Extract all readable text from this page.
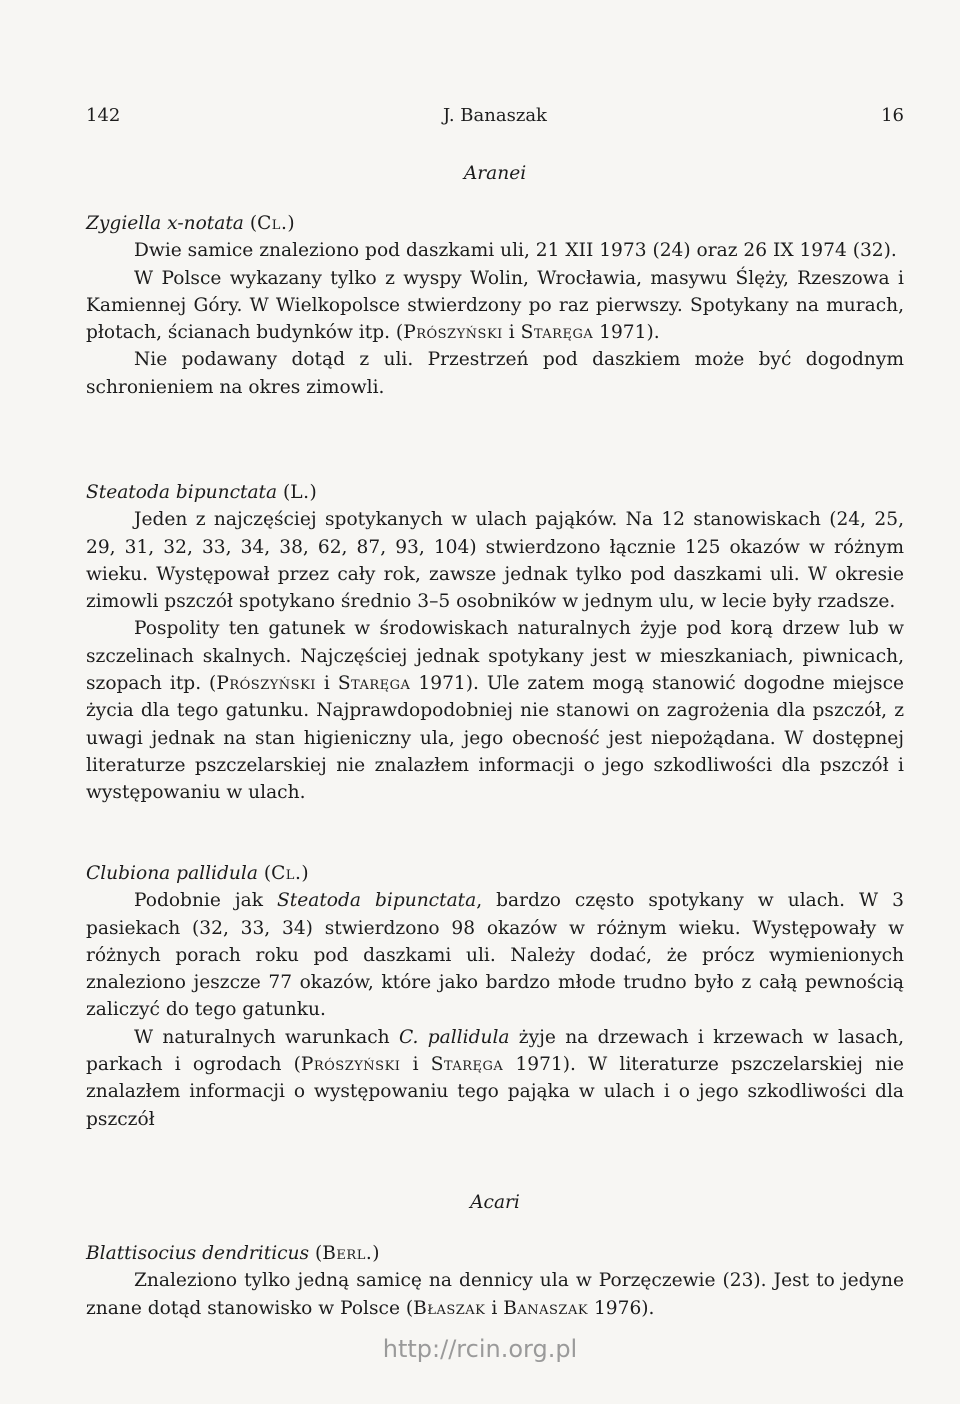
142	J. Banaszak	16
Aranei

Zygiella x-notata (Cl.)

Dwie samice znaleziono pod daszkami uli, 21 XII 1973 (24) oraz 26 IX 1974 (32).

W Polsce wykazany tylko z wyspy Wolin, Wrocławia, masywu Ślęży, Rzeszowa i Kamiennej Góry. W Wielkopolsce stwierdzony po raz pierwszy. Spotykany na murach, płotach, ścianach budynków itp. (Prószyński i Staręga 1971).

Nie podawany dotąd z uli. Przestrzeń pod daszkiem może być dogodnym schronieniem na okres zimowli.

Steatoda bipunctata (L.)

Jeden z najczęściej spotykanych w ulach pająków. Na 12 stanowiskach (24, 25, 29, 31, 32, 33, 34, 38, 62, 87, 93, 104) stwierdzono łącznie 125 okazów w różnym wieku. Występował przez cały rok, zawsze jednak tylko pod daszkami uli. W okresie zimowli pszczół spotykano średnio 3–5 osobników w jednym ulu, w lecie były rzadsze.

Pospolity ten gatunek w środowiskach naturalnych żyje pod korą drzew lub w szczelinach skalnych. Najczęściej jednak spotykany jest w mieszkaniach, piwnicach, szopach itp. (Prószyński i Staręga 1971). Ule zatem mogą stanowić dogodne miejsce życia dla tego gatunku. Najprawdopodobniej nie stanowi on zagrożenia dla pszczół, z uwagi jednak na stan higieniczny ula, jego obecność jest niepożądana. W dostępnej literaturze pszczelarskiej nie znalazłem informacji o jego szkodliwości dla pszczół i występowaniu w ulach.

Clubiona pallidula (Cl.)

Podobnie jak Steatoda bipunctata, bardzo często spotykany w ulach. W 3 pasiekach (32, 33, 34) stwierdzono 98 okazów w różnym wieku. Występowały w różnych porach roku pod daszkami uli. Należy dodać, że prócz wymienionych znaleziono jeszcze 77 okazów, które jako bardzo młode trudno było z całą pewnością zaliczyć do tego gatunku.

W naturalnych warunkach C. pallidula żyje na drzewach i krzewach w lasach, parkach i ogrodach (Prószyński i Staręga 1971). W literaturze pszczelarskiej nie znalazłem informacji o występowaniu tego pająka w ulach i o jego szkodliwości dla pszczół

Acari

Blattisocius dendriticus (Berl.)

Znaleziono tylko jedną samicę na dennicy ula w Porzęczewie (23). Jest to jedyne znane dotąd stanowisko w Polsce (Błaszak i Banaszak 1976).

http://rcin.org.pl
